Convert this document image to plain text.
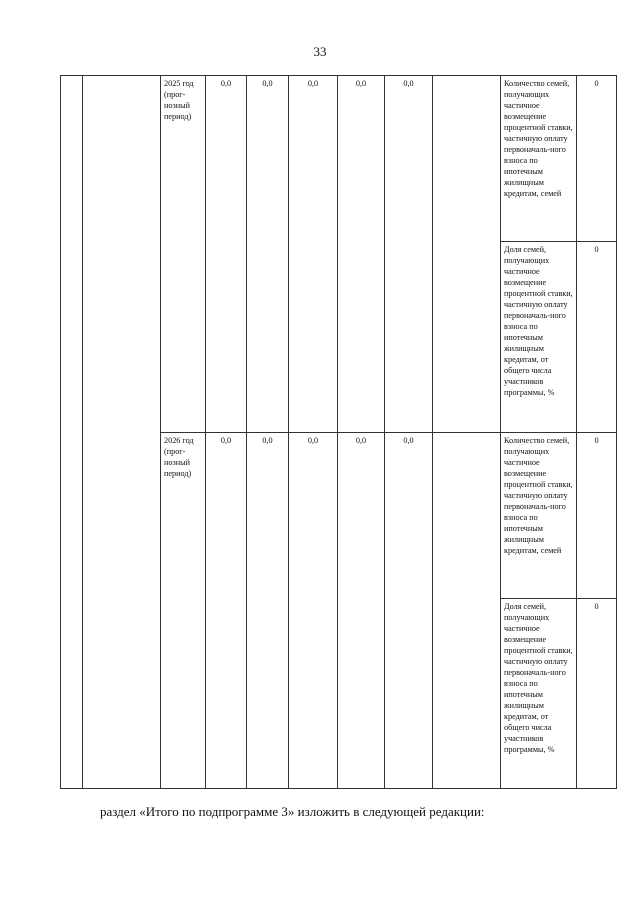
33
		2025 год (прог-нозный период)	0,0	0,0	0,0	0,0	0,0		Количество семей, получающих частичное возмещение процентной ставки, частичную оплату первоначаль-ного взноса по ипотечным жилищным кредитам, семей	0
									Доля семей, получающих частичное возмещение процентной ставки, частичную оплату первоначаль-ного взноса по ипотечным жилищным кредитам, от общего числа участников программы, %	0
		2026 год (прог-нозный период)	0,0	0,0	0,0	0,0	0,0		Количество семей, получающих частичное возмещение процентной ставки, частичную оплату первоначаль-ного взноса по ипотечным жилищным кредитам, семей	0
									Доля семей, получающих частичное возмещение процентной ставки, частичную оплату первоначаль-ного взноса по ипотечным жилищным кредитам, от общего числа участников программы, %	0
раздел «Итого по подпрограмме 3» изложить в следующей редакции:
